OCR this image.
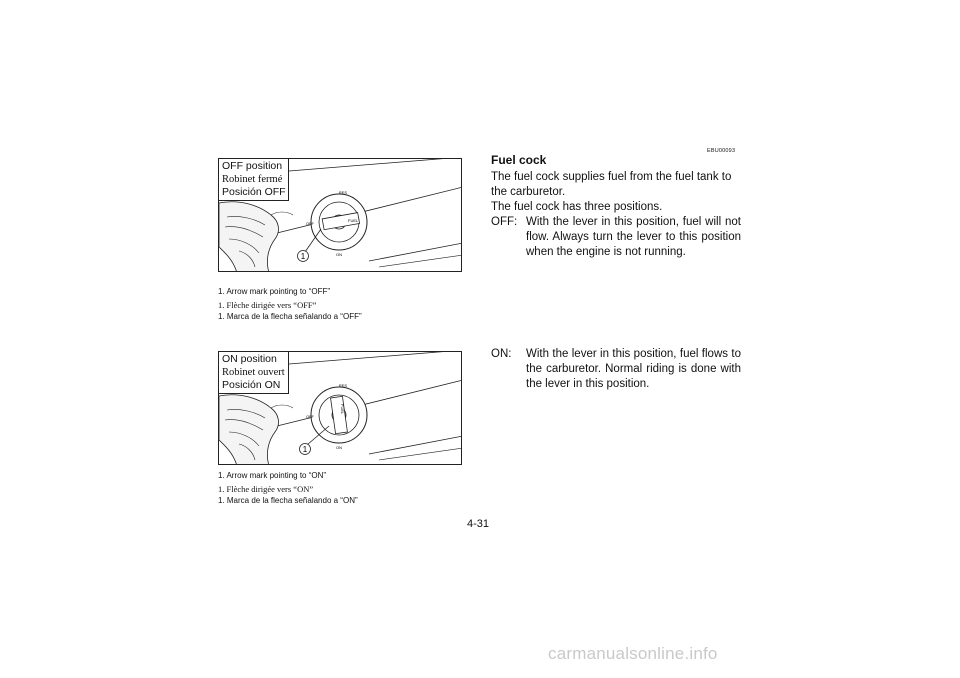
RES
OFF
FUEL
ON
1
OFF position
Robinet fermé
Posición OFF
1. Arrow mark pointing to “OFF”
1. Flèche dirigée vers “OFF”
1. Marca de la flecha señalando a “OFF”
RES
OFF
FUEL
ON
1
ON position
Robinet ouvert
Posición ON
1. Arrow mark pointing to “ON”
1. Flèche dirigée vers “ON”
1. Marca de la flecha señalando a “ON”
EBU00093
Fuel cock
The fuel cock supplies fuel from the fuel tank to the carburetor.
The fuel cock has three positions.
OFF: With the lever in this position, fuel will not flow. Always turn the lever to this position when the engine is not running.
ON:	With the lever in this position, fuel flows to the carburetor. Normal riding is done with the lever in this position.
4-31
carmanualsonline.info
